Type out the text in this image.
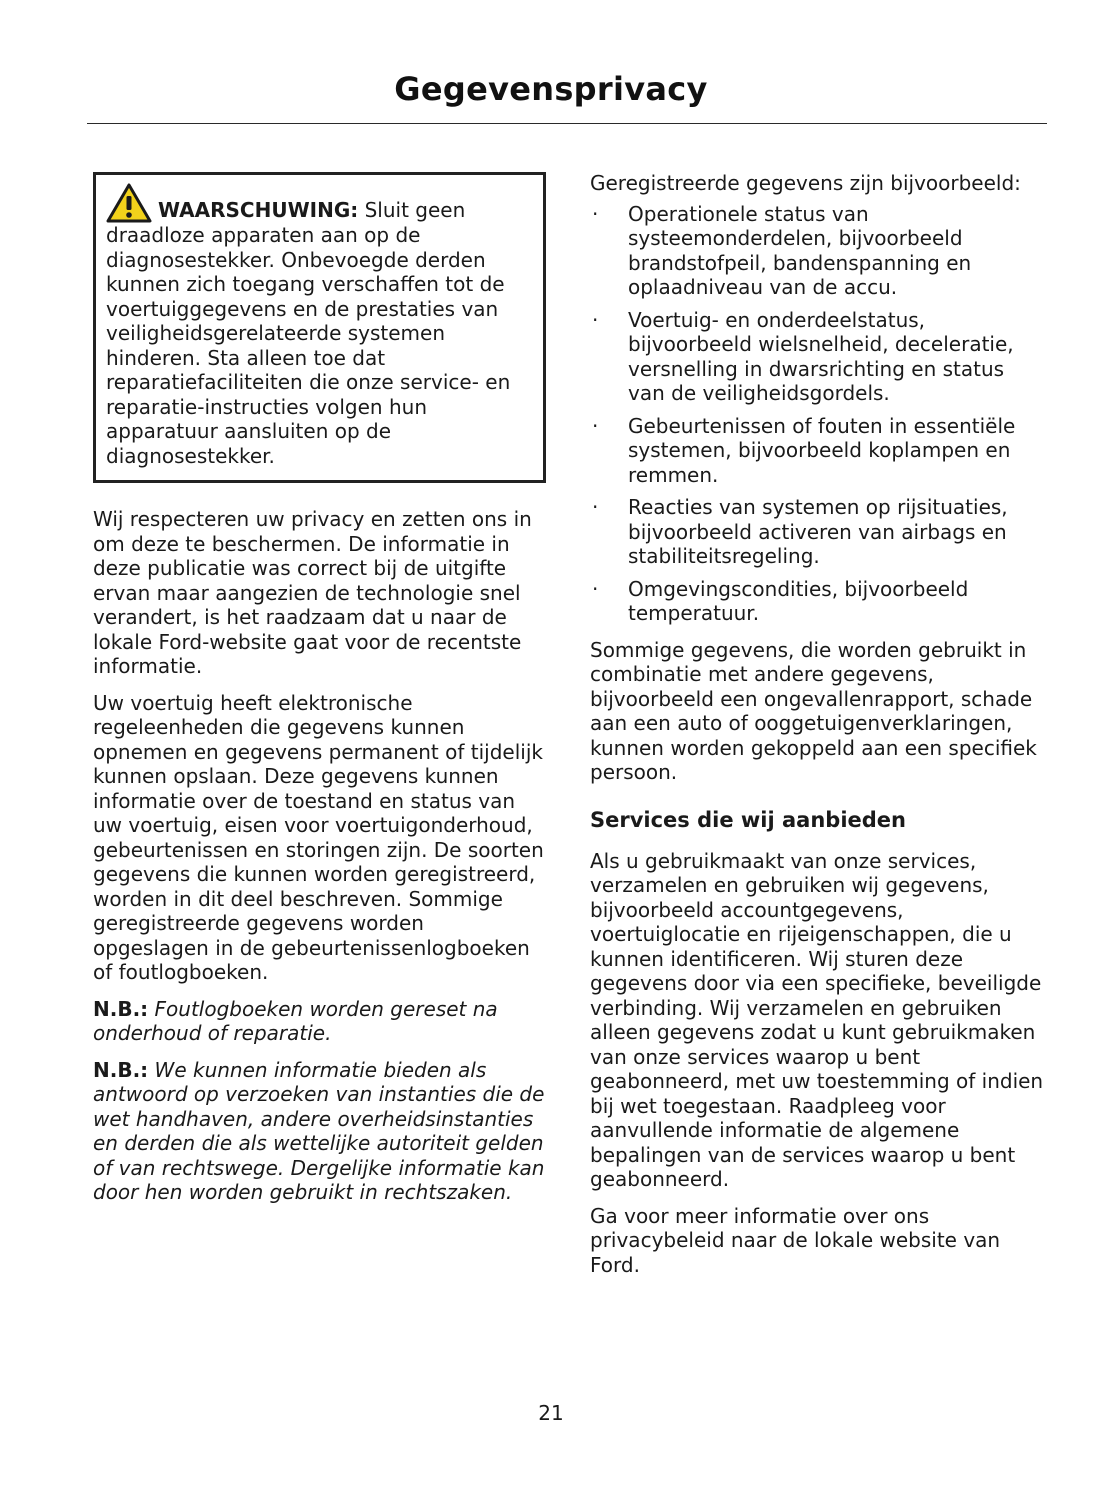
Gegevensprivacy

WAARSCHUWING: Sluit geen draadloze apparaten aan op de diagnosestekker. Onbevoegde derden kunnen zich toegang verschaffen tot de voertuiggegevens en de prestaties van veiligheidsgerelateerde systemen hinderen. Sta alleen toe dat reparatiefaciliteiten die onze service- en reparatie-instructies volgen hun apparatuur aansluiten op de diagnosestekker.

Wij respecteren uw privacy en zetten ons in om deze te beschermen. De informatie in deze publicatie was correct bij de uitgifte ervan maar aangezien de technologie snel verandert, is het raadzaam dat u naar de lokale Ford-website gaat voor de recentste informatie.

Uw voertuig heeft elektronische regeleenheden die gegevens kunnen opnemen en gegevens permanent of tijdelijk kunnen opslaan. Deze gegevens kunnen informatie over de toestand en status van uw voertuig, eisen voor voertuigonderhoud, gebeurtenissen en storingen zijn. De soorten gegevens die kunnen worden geregistreerd, worden in dit deel beschreven. Sommige geregistreerde gegevens worden opgeslagen in de gebeurtenissenlogboeken of foutlogboeken.

N.B.: Foutlogboeken worden gereset na onderhoud of reparatie.

N.B.: We kunnen informatie bieden als antwoord op verzoeken van instanties die de wet handhaven, andere overheidsinstanties en derden die als wettelijke autoriteit gelden of van rechtswege. Dergelijke informatie kan door hen worden gebruikt in rechtszaken.

Geregistreerde gegevens zijn bijvoorbeeld:

· Operationele status van systeemonderdelen, bijvoorbeeld brandstofpeil, bandenspanning en oplaadniveau van de accu.
· Voertuig- en onderdeelstatus, bijvoorbeeld wielsnelheid, deceleratie, versnelling in dwarsrichting en status van de veiligheidsgordels.
· Gebeurtenissen of fouten in essentiële systemen, bijvoorbeeld koplampen en remmen.
· Reacties van systemen op rijsituaties, bijvoorbeeld activeren van airbags en stabiliteitsregeling.
· Omgevingscondities, bijvoorbeeld temperatuur.

Sommige gegevens, die worden gebruikt in combinatie met andere gegevens, bijvoorbeeld een ongevallenrapport, schade aan een auto of ooggetuigenverklaringen, kunnen worden gekoppeld aan een specifiek persoon.

Services die wij aanbieden

Als u gebruikmaakt van onze services, verzamelen en gebruiken wij gegevens, bijvoorbeeld accountgegevens, voertuiglocatie en rijeigenschappen, die u kunnen identificeren. Wij sturen deze gegevens door via een specifieke, beveiligde verbinding. Wij verzamelen en gebruiken alleen gegevens zodat u kunt gebruikmaken van onze services waarop u bent geabonneerd, met uw toestemming of indien bij wet toegestaan. Raadpleeg voor aanvullende informatie de algemene bepalingen van de services waarop u bent geabonneerd.

Ga voor meer informatie over ons privacybeleid naar de lokale website van Ford.

21
